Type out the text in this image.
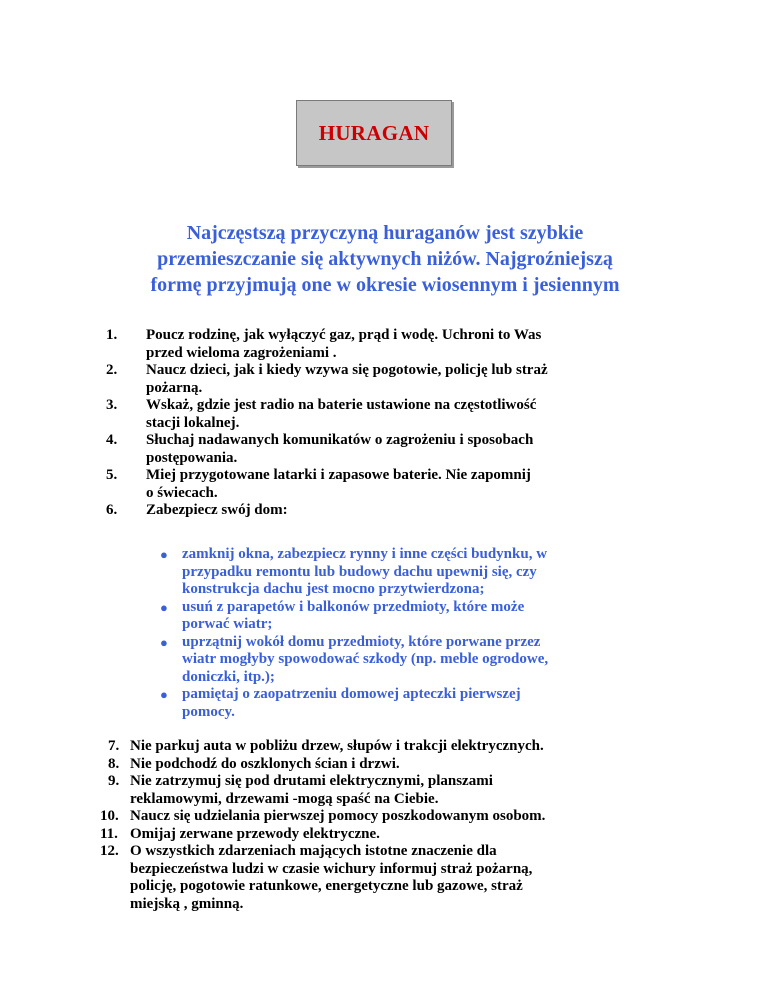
HURAGAN
Najczęstszą przyczyną huraganów jest szybkie
przemieszczanie się aktywnych niżów. Najgroźniejszą
formę przyjmują one w okresie wiosennym i jesiennym
1. Poucz rodzinę, jak wyłączyć gaz, prąd i wodę. Uchroni to Was
przed wieloma zagrożeniami .
2. Naucz dzieci, jak i kiedy wzywa się pogotowie, policję lub straż
pożarną.
3. Wskaż, gdzie jest radio na baterie ustawione na częstotliwość
stacji lokalnej.
4. Słuchaj nadawanych komunikatów o zagrożeniu i sposobach
postępowania.
5. Miej przygotowane latarki i zapasowe baterie. Nie zapomnij
o świecach.
6. Zabezpiecz swój dom:
● zamknij okna, zabezpiecz rynny i inne części budynku, w
przypadku remontu lub budowy dachu upewnij się, czy
konstrukcja dachu jest mocno przytwierdzona;
● usuń z parapetów i balkonów przedmioty, które może
porwać wiatr;
● uprzątnij wokół domu przedmioty, które porwane przez
wiatr mogłyby spowodować szkody (np. meble ogrodowe,
doniczki, itp.);
● pamiętaj o zaopatrzeniu domowej apteczki pierwszej
pomocy.
7. Nie parkuj auta w pobliżu drzew, słupów i trakcji elektrycznych.
8. Nie podchodź do oszklonych ścian i drzwi.
9. Nie zatrzymuj się pod drutami elektrycznymi, planszami
reklamowymi, drzewami -mogą spaść na Ciebie.
10. Naucz się udzielania pierwszej pomocy poszkodowanym osobom.
11. Omijaj zerwane przewody elektryczne.
12. O wszystkich zdarzeniach mających istotne znaczenie dla
bezpieczeństwa ludzi w czasie wichury informuj straż pożarną,
policję, pogotowie ratunkowe, energetyczne lub gazowe, straż
miejską , gminną.
